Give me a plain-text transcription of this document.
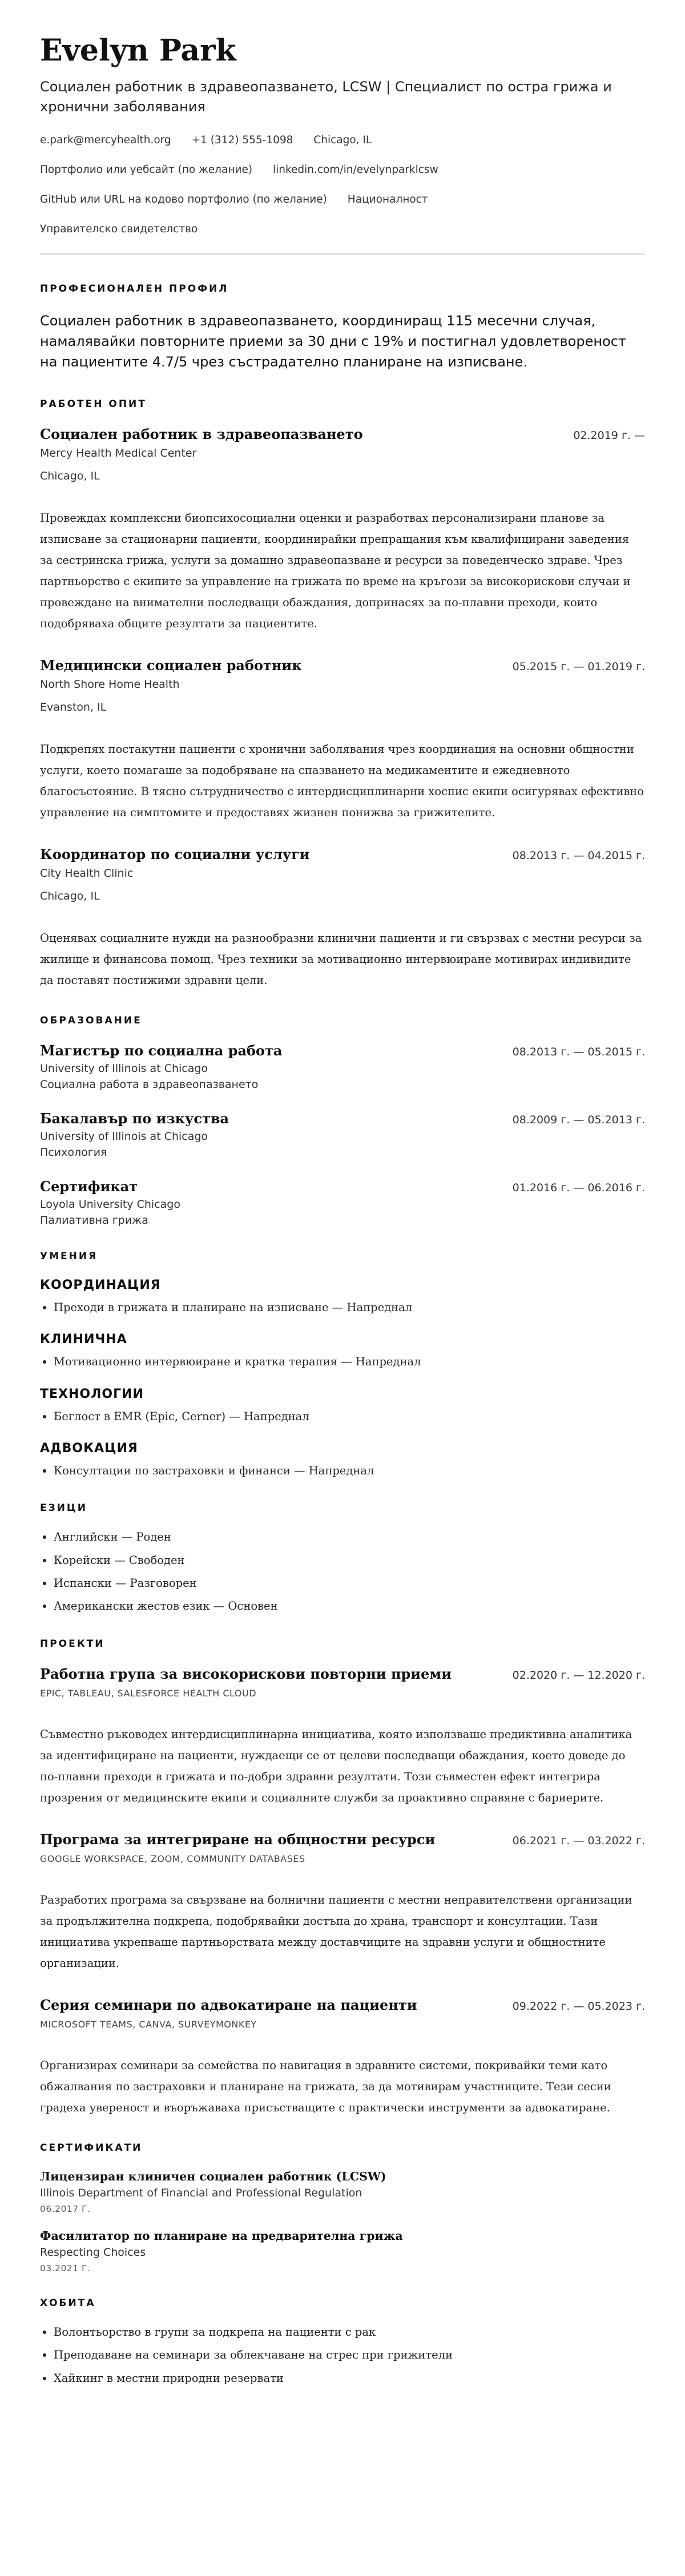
Evelyn Park
Социален работник в здравеопазването, LCSW | Специалист по остра грижа и хронични заболявания
e.park@mercyhealth.org +1 (312) 555-1098 Chicago, IL
Портфолио или уебсайт (по желание) linkedin.com/in/evelynparklcsw
GitHub или URL на кодово портфолио (по желание) Националност
Управителско свидетелство
ПРОФЕСИОНАЛЕН ПРОФИЛ

Социален работник в здравеопазването, координиращ 115 месечни случая, намалявайки повторните приеми за 30 дни с 19% и постигнал удовлетвореност на пациентите 4.7/5 чрез състрадателно планиране на изписване.

РАБОТЕН ОПИТ
Социален работник в здравеопазването	02.2019 г. —
Mercy Health Medical Center
Chicago, IL
Провеждах комплексни биопсихосоциални оценки и разработвах персонализирани планове за изписване за стационарни пациенти, координирайки препращания към квалифицирани заведения за сестринска грижа, услуги за домашно здравеопазване и ресурси за поведенческо здраве. Чрез партньорство с екипите за управление на грижата по време на кръгози за високорискови случаи и провеждане на внимателни последващи обаждания, допринасях за по-плавни преходи, които подобряваха общите резултати за пациентите.
Медицински социален работник	05.2015 г. — 01.2019 г.
North Shore Home Health
Evanston, IL
Подкрепях постакутни пациенти с хронични заболявания чрез координация на основни общностни услуги, което помагаше за подобряване на спазването на медикаментите и ежедневното благосъстояние. В тясно сътрудничество с интердисциплинарни хоспис екипи осигурявах ефективно управление на симптомите и предоставях жизнен понижва за грижителите.
Координатор по социални услуги	08.2013 г. — 04.2015 г.
City Health Clinic
Chicago, IL
Оценявах социалните нужди на разнообразни клинични пациенти и ги свързвах с местни ресурси за жилище и финансова помощ. Чрез техники за мотивационно интервюиране мотивирах индивидите да поставят постижими здравни цели.
ОБРАЗОВАНИЕ
Магистър по социална работа	08.2013 г. — 05.2015 г.
University of Illinois at Chicago
Социална работа в здравеопазването
Бакалавър по изкуства	08.2009 г. — 05.2013 г.
University of Illinois at Chicago
Психология
Сертификат	01.2016 г. — 06.2016 г.
Loyola University Chicago
Палиативна грижа
УМЕНИЯ
КООРДИНАЦИЯ
• Преходи в грижата и планиране на изписване — Напреднал
КЛИНИЧНА
• Мотивационно интервюиране и кратка терапия — Напреднал
ТЕХНОЛОГИИ
• Беглост в EMR (Epic, Cerner) — Напреднал
АДВОКАЦИЯ
• Консултации по застраховки и финанси — Напреднал
ЕЗИЦИ
• Английски — Роден
• Корейски — Свободен
• Испански — Разговорен
• Американски жестов език — Основен
ПРОЕКТИ
Работна група за високорискови повторни приеми	02.2020 г. — 12.2020 г.
EPIC, TABLEAU, SALESFORCE HEALTH CLOUD
Съвместно ръководех интердисциплинарна инициатива, която използваше предиктивна аналитика за идентифициране на пациенти, нуждаещи се от целеви последващи обаждания, което доведе до по-плавни преходи в грижата и по-добри здравни резултати. Този съвместен ефект интегрира прозрения от медицинските екипи и социалните служби за проактивно справяне с бариерите.
Програма за интегриране на общностни ресурси	06.2021 г. — 03.2022 г.
GOOGLE WORKSPACE, ZOOM, COMMUNITY DATABASES
Разработих програма за свързване на болнични пациенти с местни неправителствени организации за продължителна подкрепа, подобрявайки достъпа до храна, транспорт и консултации. Тази инициатива укрепваше партньорствата между доставчиците на здравни услуги и общностните организации.
Серия семинари по адвокатиране на пациенти	09.2022 г. — 05.2023 г.
MICROSOFT TEAMS, CANVA, SURVEYMONKEY
Организирах семинари за семейства по навигация в здравните системи, покривайки теми като обжалвания по застраховки и планиране на грижата, за да мотивирам участниците. Тези сесии градеха увереност и въоръжаваха присъстващите с практически инструменти за адвокатиране.
СЕРТИФИКАТИ
Лицензиран клиничен социален работник (LCSW)
Illinois Department of Financial and Professional Regulation
06.2017 Г.
Фасилитатор по планиране на предварителна грижа
Respecting Choices
03.2021 Г.
ХОБИТА
• Волонтьорство в групи за подкрепа на пациенти с рак
• Преподаване на семинари за облекчаване на стрес при грижители
• Хайкинг в местни природни резервати
